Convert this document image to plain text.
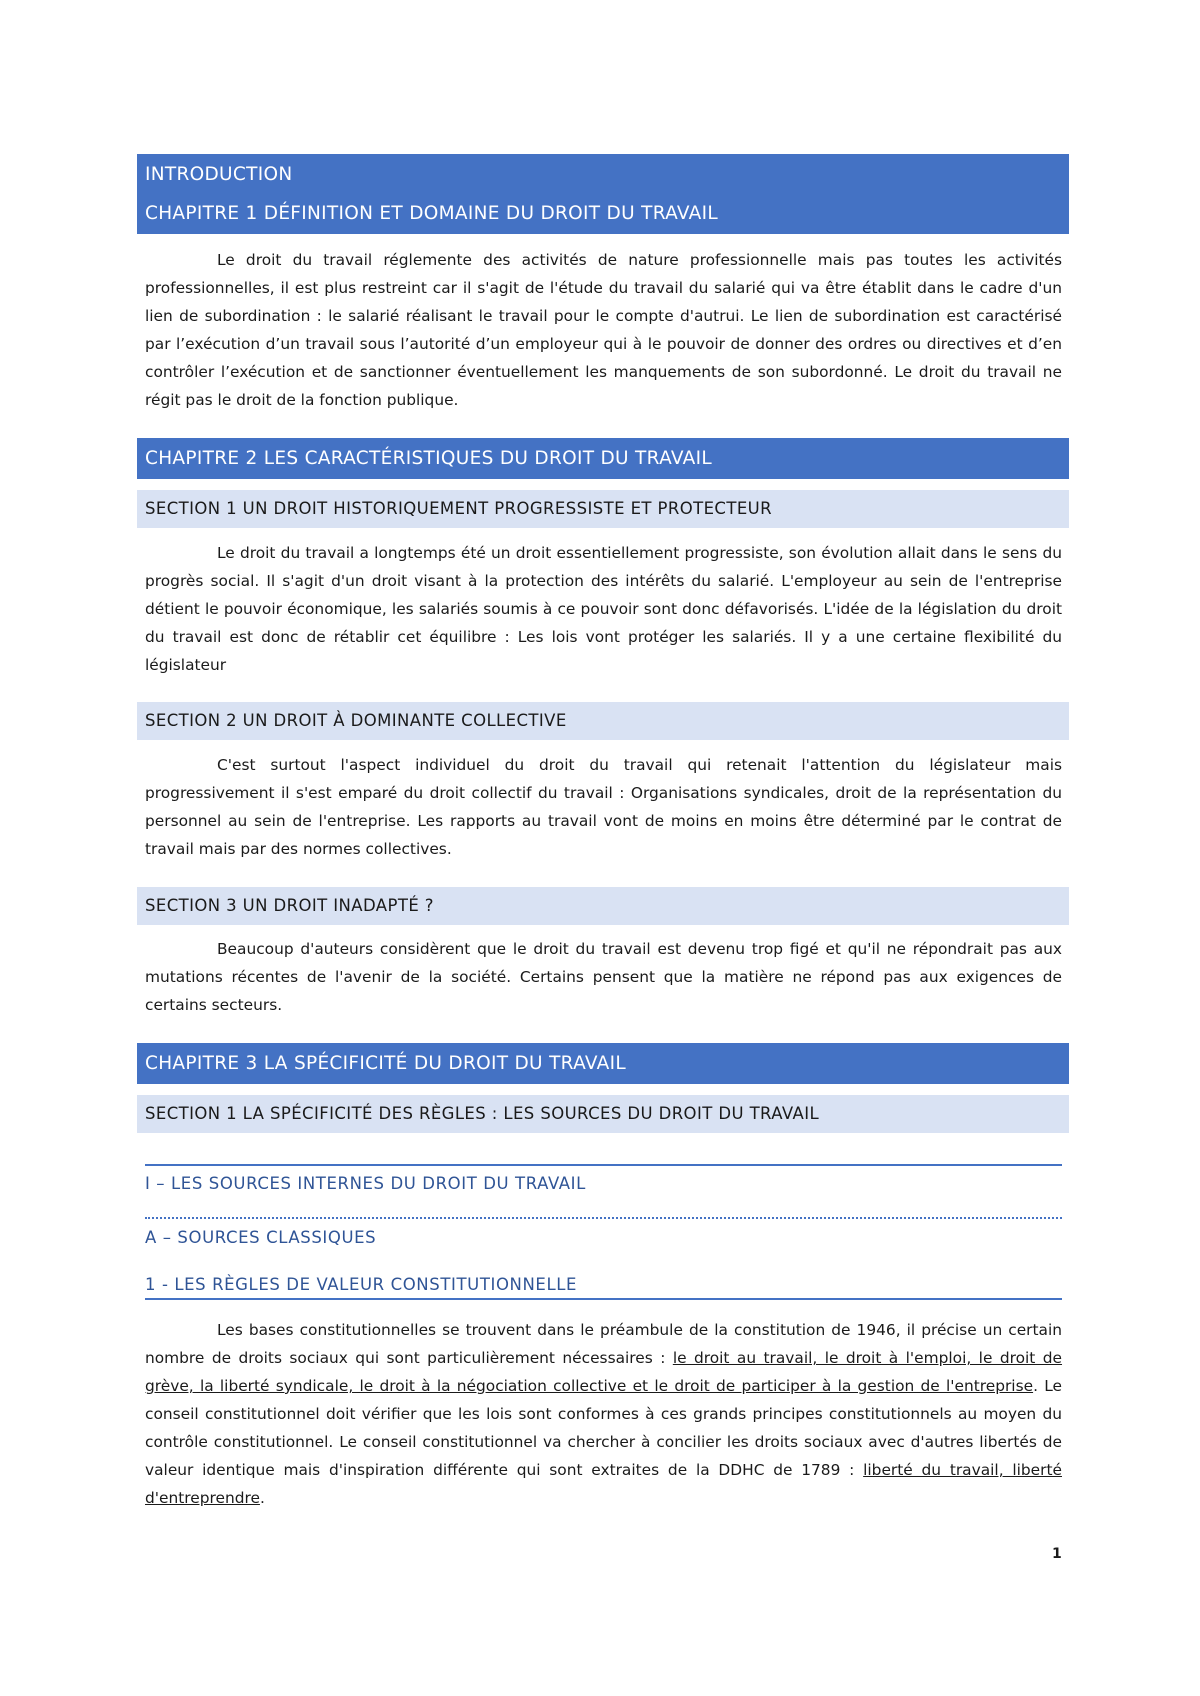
INTRODUCTION
CHAPITRE 1 DÉFINITION ET DOMAINE DU DROIT DU TRAVAIL

Le droit du travail réglemente des activités de nature professionnelle mais pas toutes les activités professionnelles, il est plus restreint car il s'agit de l'étude du travail du salarié qui va être établit dans le cadre d'un lien de subordination : le salarié réalisant le travail pour le compte d'autrui. Le lien de subordination est caractérisé par l’exécution d’un travail sous l’autorité d’un employeur qui à le pouvoir de donner des ordres ou directives et d’en contrôler l’exécution et de sanctionner éventuellement les manquements de son subordonné. Le droit du travail ne régit pas le droit de la fonction publique.

CHAPITRE 2 LES CARACTÉRISTIQUES DU DROIT DU TRAVAIL
SECTION 1 UN DROIT HISTORIQUEMENT PROGRESSISTE ET PROTECTEUR

Le droit du travail a longtemps été un droit essentiellement progressiste, son évolution allait dans le sens du progrès social. Il s'agit d'un droit visant à la protection des intérêts du salarié. L'employeur au sein de l'entreprise détient le pouvoir économique, les salariés soumis à ce pouvoir sont donc défavorisés. L'idée de la législation du droit du travail est donc de rétablir cet équilibre : Les lois vont protéger les salariés. Il y a une certaine flexibilité du législateur

SECTION 2 UN DROIT À DOMINANTE COLLECTIVE

C'est surtout l'aspect individuel du droit du travail qui retenait l'attention du législateur mais progressivement il s'est emparé du droit collectif du travail : Organisations syndicales, droit de la représentation du personnel au sein de l'entreprise. Les rapports au travail vont de moins en moins être déterminé par le contrat de travail mais par des normes collectives.

SECTION 3 UN DROIT INADAPTÉ ?

Beaucoup d'auteurs considèrent que le droit du travail est devenu trop figé et qu'il ne répondrait pas aux mutations récentes de l'avenir de la société. Certains pensent que la matière ne répond pas aux exigences de certains secteurs.

CHAPITRE 3 LA SPÉCIFICITÉ DU DROIT DU TRAVAIL
SECTION 1 LA SPÉCIFICITÉ DES RÈGLES : LES SOURCES DU DROIT DU TRAVAIL
I – LES SOURCES INTERNES DU DROIT DU TRAVAIL
A – SOURCES CLASSIQUES
1 - LES RÈGLES DE VALEUR CONSTITUTIONNELLE

Les bases constitutionnelles se trouvent dans le préambule de la constitution de 1946, il précise un certain nombre de droits sociaux qui sont particulièrement nécessaires : le droit au travail, le droit à l'emploi, le droit de grève, la liberté syndicale, le droit à la négociation collective et le droit de participer à la gestion de l'entreprise. Le conseil constitutionnel doit vérifier que les lois sont conformes à ces grands principes constitutionnels au moyen du contrôle constitutionnel. Le conseil constitutionnel va chercher à concilier les droits sociaux avec d'autres libertés de valeur identique mais d'inspiration différente qui sont extraites de la DDHC de 1789 : liberté du travail, liberté d'entreprendre.

1
